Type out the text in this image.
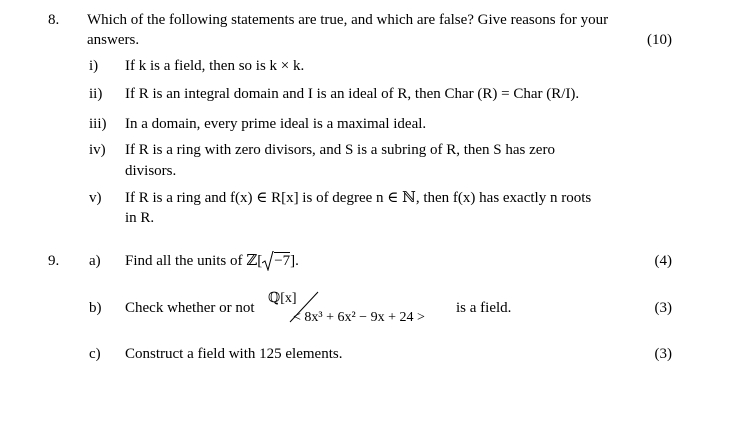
8. Which of the following statements are true, and which are false? Give reasons for your
answers.	(10)
i) If k is a field, then so is k × k.
ii) If R is an integral domain and I is an ideal of R, then Char (R) = Char (R/I).
iii) In a domain, every prime ideal is a maximal ideal.
iv) If R is a ring with zero divisors, and S is a subring of R, then S has zero
divisors.
v) If R is a ring and f(x) ∈ R[x] is of degree n ∈ ℕ, then f(x) has exactly n roots
in R.
9. a) Find all the units of ℤ[ −7].	(4)
b) Check whether or not
ℚ[x]
< 8x³ + 6x² − 9x + 24 >
is a field.	(3)
c) Construct a field with 125 elements.	(3)
